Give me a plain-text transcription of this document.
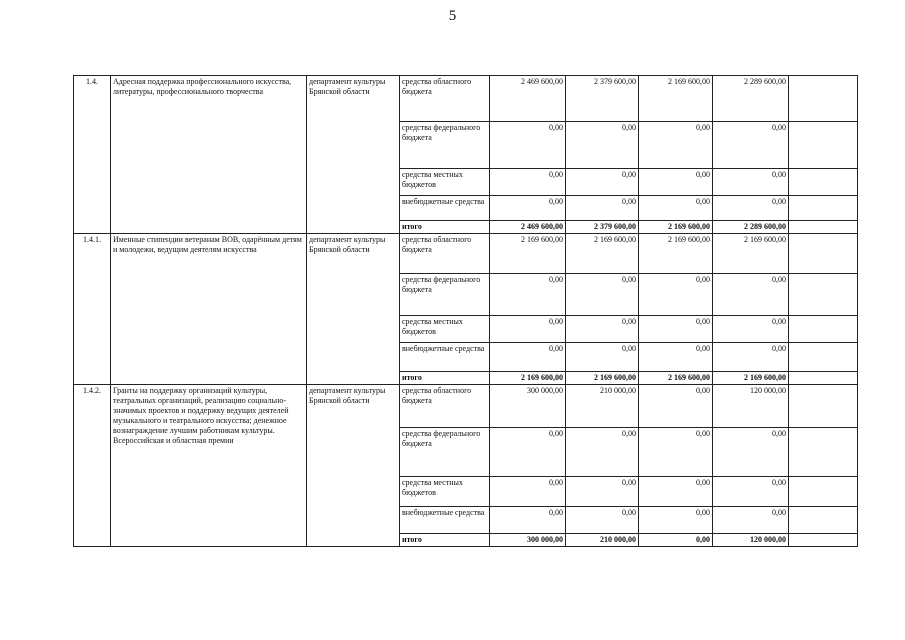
5
1.4.	Адресная поддержка профессионального искусства, литературы, профессионального творчества	департамент культуры Брянской области	средства областного бюджета	2 469 600,00	2 379 600,00	2 169 600,00	2 289 600,00	
			средства федерального бюджета	0,00	0,00	0,00	0,00	
			средства местных бюджетов	0,00	0,00	0,00	0,00	
			внебюджетные средства	0,00	0,00	0,00	0,00	
			итого	2 469 600,00	2 379 600,00	2 169 600,00	2 289 600,00	
1.4.1.	Именные стипендии ветеранам ВОВ, одарённым детям и молодежи, ведущим деятелям искусства	департамент культуры Брянской области	средства областного бюджета	2 169 600,00	2 169 600,00	2 169 600,00	2 169 600,00	
			средства федерального бюджета	0,00	0,00	0,00	0,00	
			средства местных бюджетов	0,00	0,00	0,00	0,00	
			внебюджетные средства	0,00	0,00	0,00	0,00	
			итого	2 169 600,00	2 169 600,00	2 169 600,00	2 169 600,00	
1.4.2.	Гранты на поддержку организаций культуры, театральных организаций, реализацию социально-значимых проектов и поддержку ведущих деятелей музыкального и театрального искусства; денежное вознаграждение лучшим работникам культуры. Всероссийская и областная премии	департамент культуры Брянской области	средства областного бюджета	300 000,00	210 000,00	0,00	120 000,00	
			средства федерального бюджета	0,00	0,00	0,00	0,00	
			средства местных бюджетов	0,00	0,00	0,00	0,00	
			внебюджетные средства	0,00	0,00	0,00	0,00	
			итого	300 000,00	210 000,00	0,00	120 000,00	
